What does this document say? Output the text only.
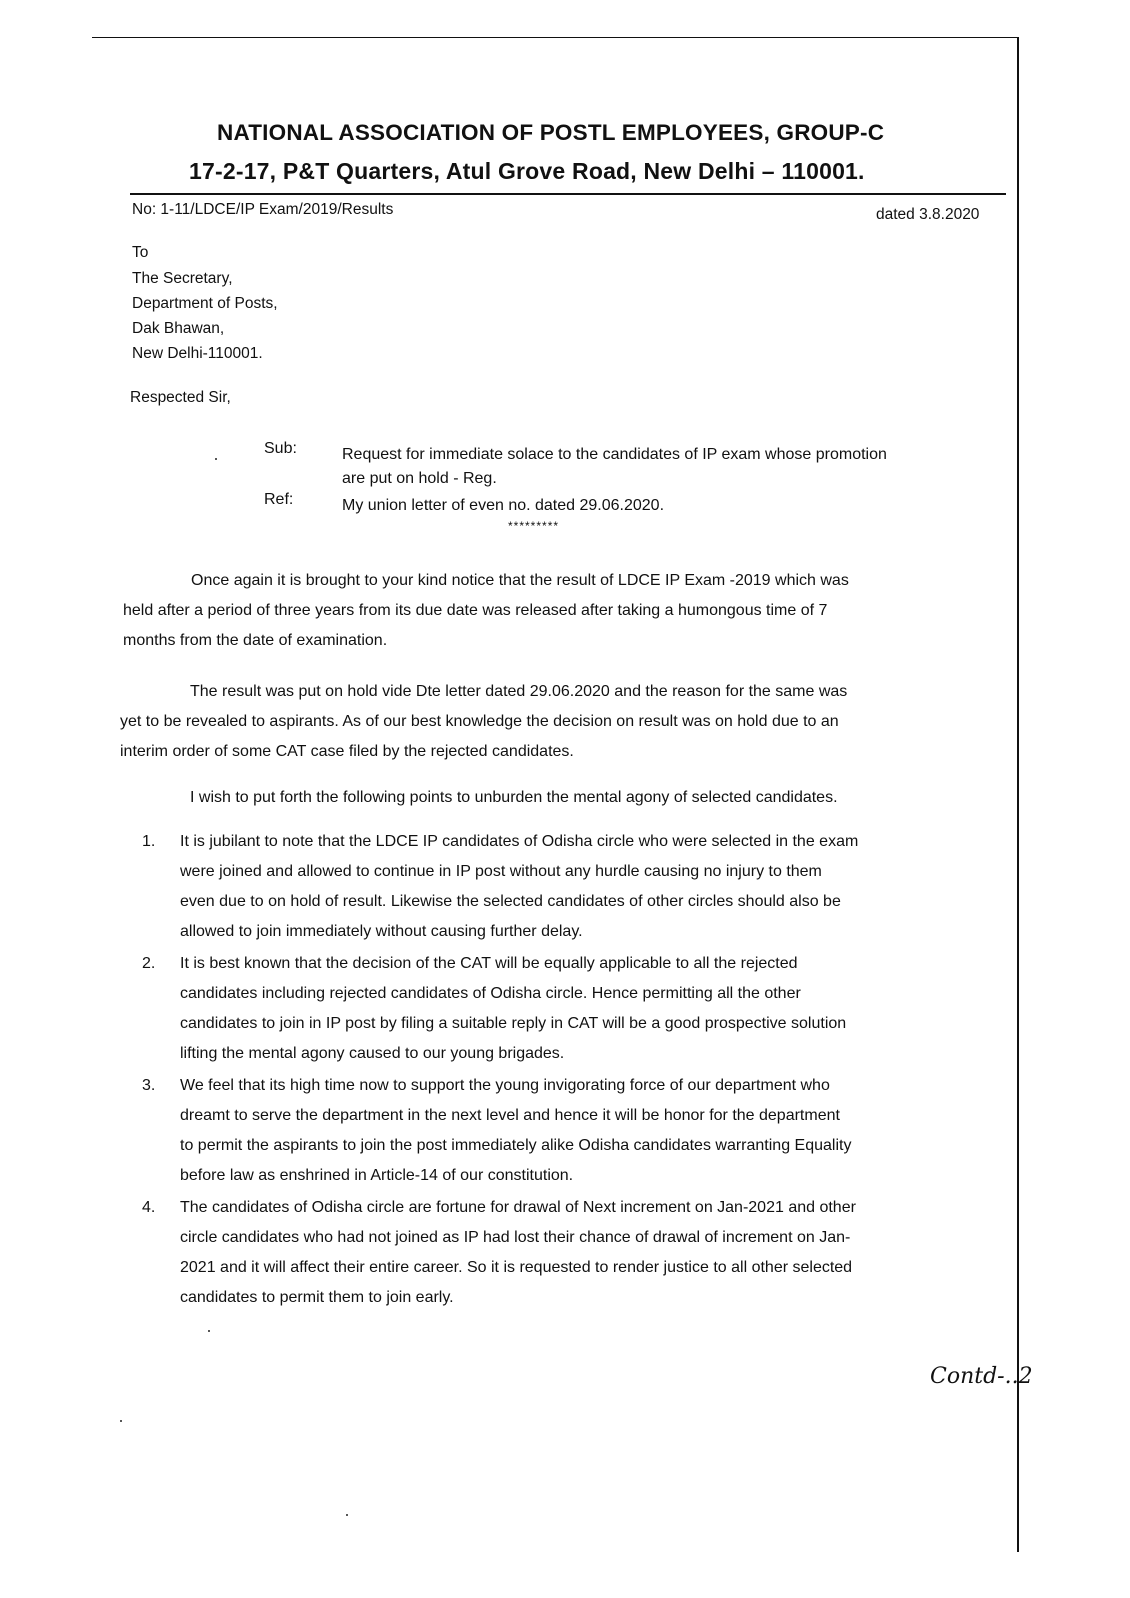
NATIONAL ASSOCIATION OF POSTL EMPLOYEES, GROUP-C
17-2-17, P&T Quarters, Atul Grove Road, New Delhi – 110001.
No: 1-11/LDCE/IP Exam/2019/Results	dated 3.8.2020
To
The Secretary,
Department of Posts,
Dak Bhawan,
New Delhi-110001.
Respected Sir,
Sub:	Request for immediate solace to the candidates of IP exam whose promotion
are put on hold - Reg.
Ref:	My union letter of even no. dated 29.06.2020.
*********
Once again it is brought to your kind notice that the result of LDCE IP Exam -2019 which was
held after a period of three years from its due date was released after taking a humongous time of 7
months from the date of examination.
The result was put on hold vide Dte letter dated 29.06.2020 and the reason for the same was
yet to be revealed to aspirants. As of our best knowledge the decision on result was on hold due to an
interim order of some CAT case filed by the rejected candidates.
I wish to put forth the following points to unburden the mental agony of selected candidates.
1. It is jubilant to note that the LDCE IP candidates of Odisha circle who were selected in the exam
were joined and allowed to continue in IP post without any hurdle causing no injury to them
even due to on hold of result. Likewise the selected candidates of other circles should also be
allowed to join immediately without causing further delay.
2. It is best known that the decision of the CAT will be equally applicable to all the rejected
candidates including rejected candidates of Odisha circle. Hence permitting all the other
candidates to join in IP post by filing a suitable reply in CAT will be a good prospective solution
lifting the mental agony caused to our young brigades.
3. We feel that its high time now to support the young invigorating force of our department who
dreamt to serve the department in the next level and hence it will be honor for the department
to permit the aspirants to join the post immediately alike Odisha candidates warranting Equality
before law as enshrined in Article-14 of our constitution.
4. The candidates of Odisha circle are fortune for drawal of Next increment on Jan-2021 and other
circle candidates who had not joined as IP had lost their chance of drawal of increment on Jan-
2021 and it will affect their entire career. So it is requested to render justice to all other selected
candidates to permit them to join early.
Contd-..2
